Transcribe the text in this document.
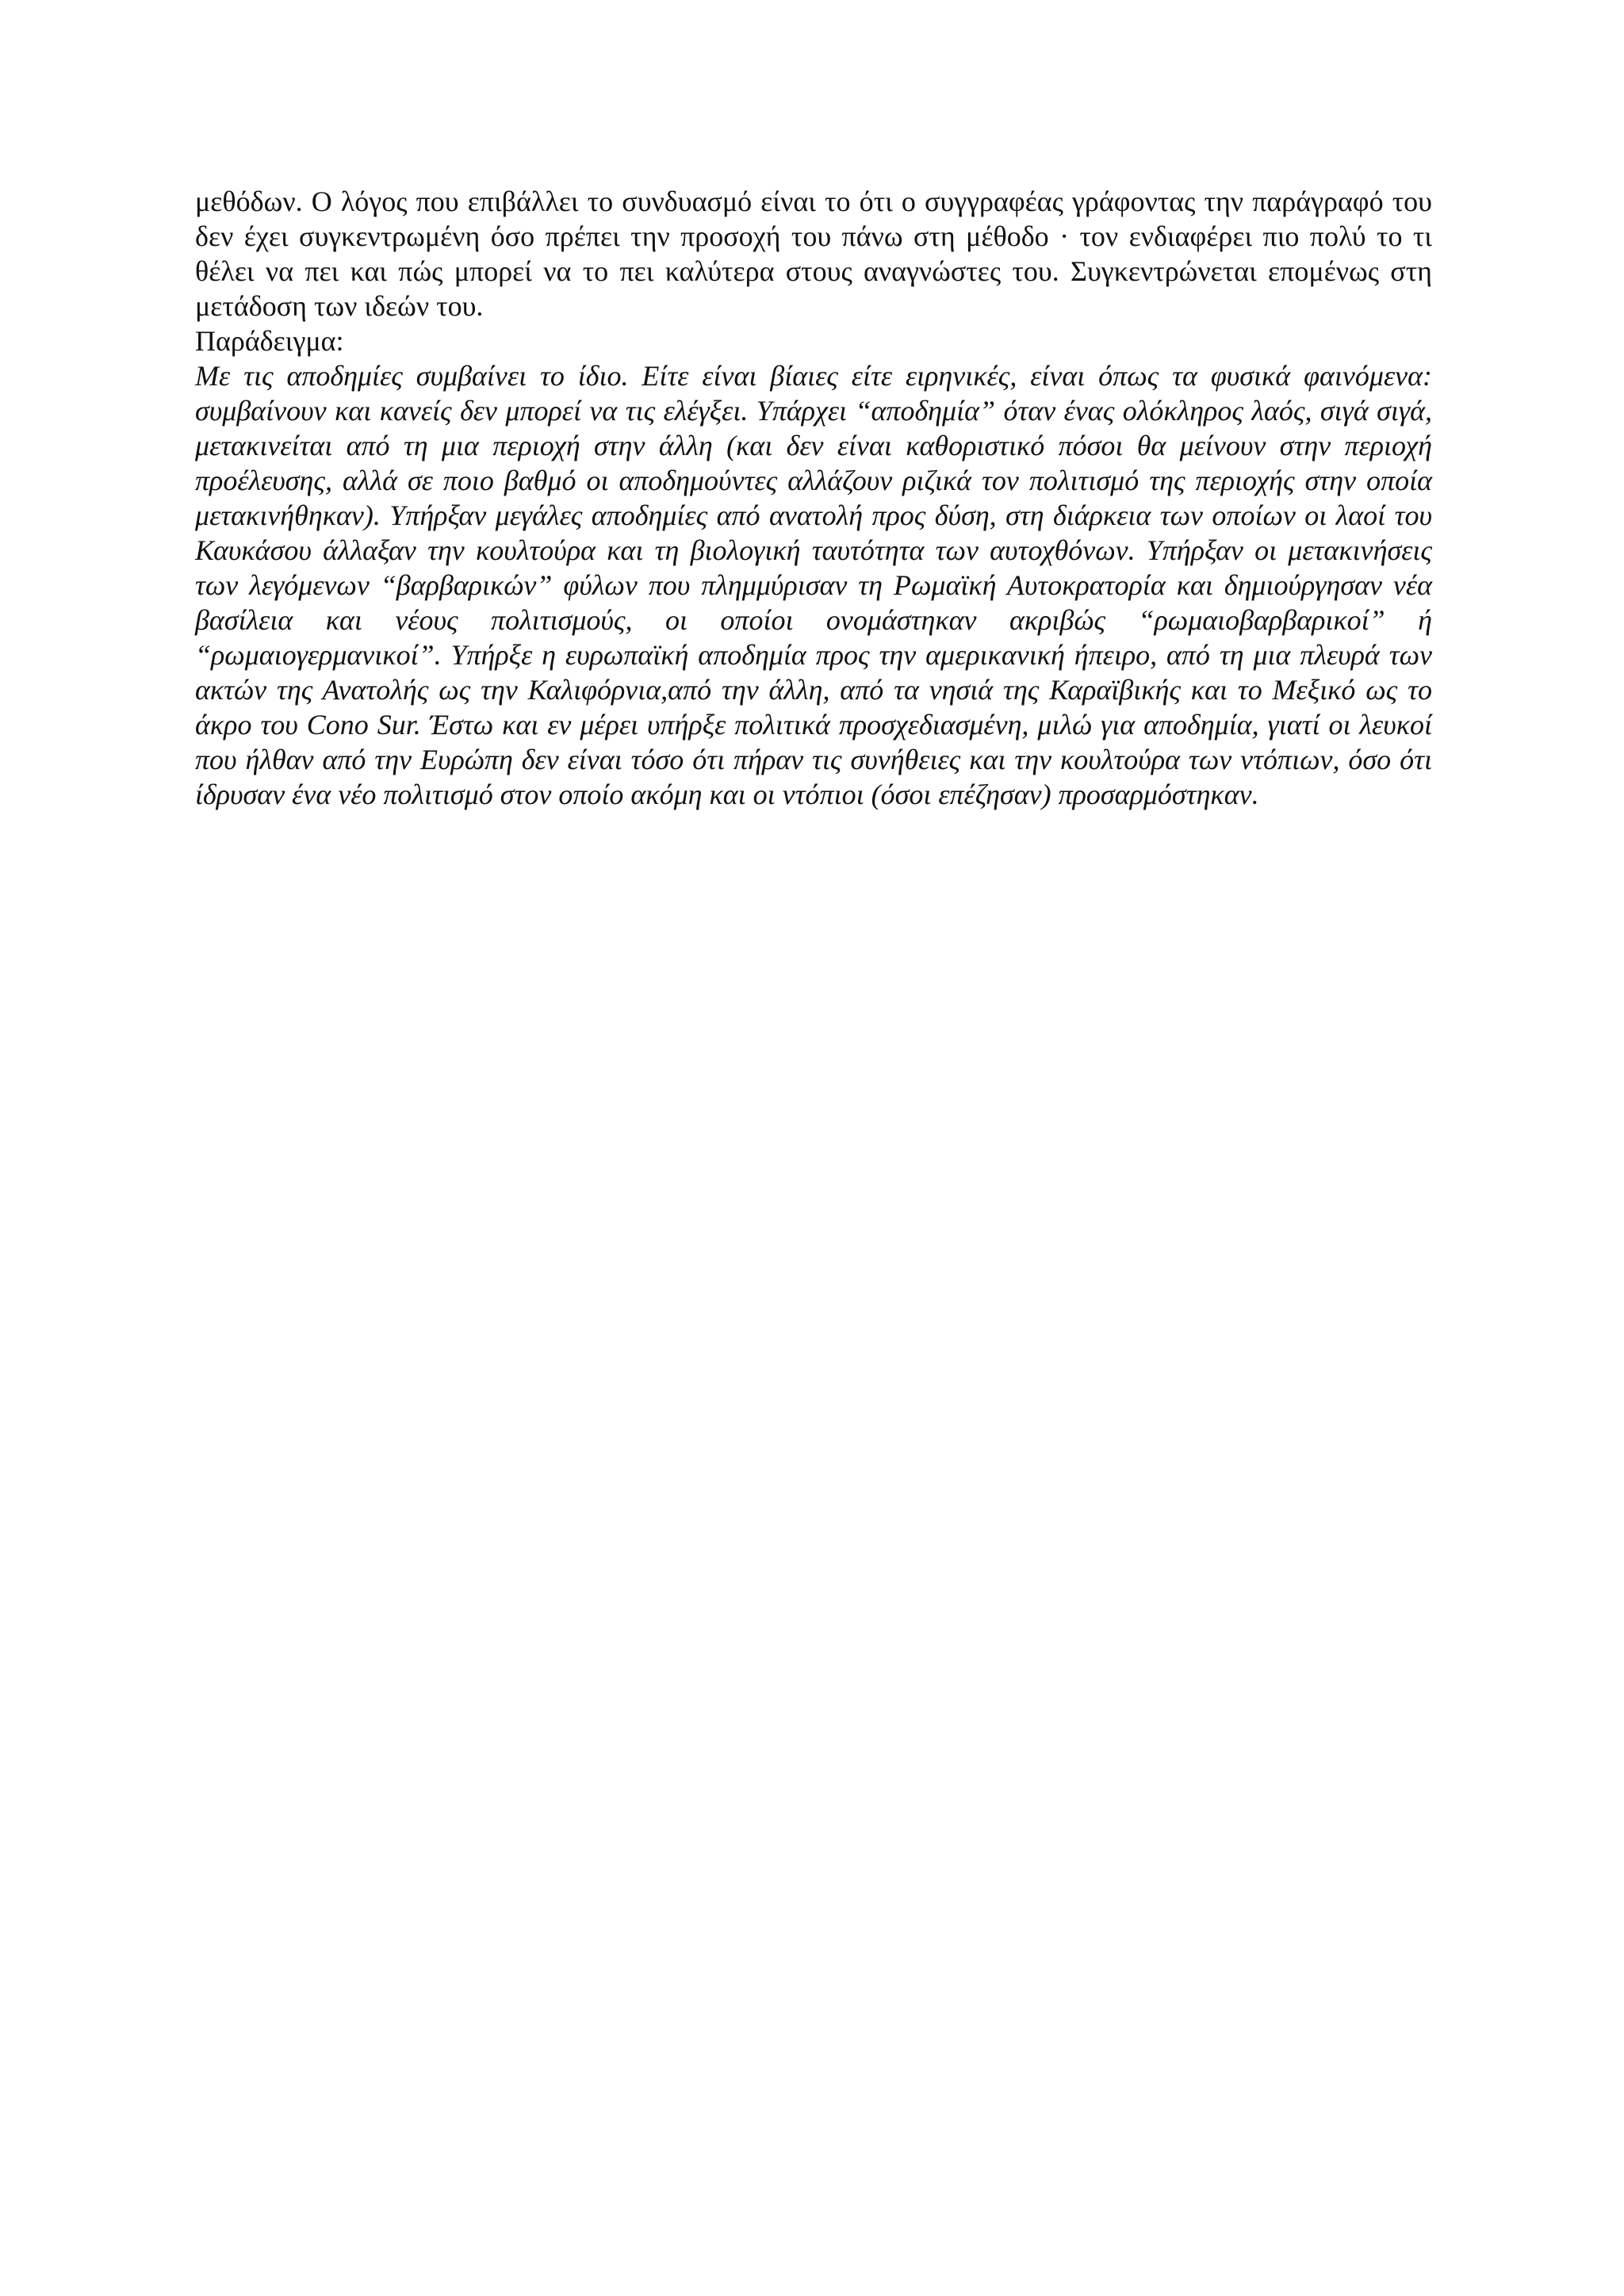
μεθόδων. Ο λόγος που επιβάλλει το συνδυασμό είναι το ότι ο συγγραφέας γράφοντας την παράγραφό του δεν έχει συγκεντρωμένη όσο πρέπει την προσοχή του πάνω στη μέθοδο · τον ενδιαφέρει πιο πολύ το τι θέλει να πει και πώς μπορεί να το πει καλύτερα στους αναγνώστες του. Συγκεντρώνεται επομένως στη μετάδοση των ιδεών του.

Παράδειγμα:

Με τις αποδημίες συμβαίνει το ίδιο. Είτε είναι βίαιες είτε ειρηνικές, είναι όπως τα φυσικά φαινόμενα: συμβαίνουν και κανείς δεν μπορεί να τις ελέγξει. Υπάρχει “αποδημία” όταν ένας ολόκληρος λαός, σιγά σιγά, μετακινείται από τη μια περιοχή στην άλλη (και δεν είναι καθοριστικό πόσοι θα μείνουν στην περιοχή προέλευσης, αλλά σε ποιο βαθμό οι αποδημούντες αλλάζουν ριζικά τον πολιτισμό της περιοχής στην οποία μετακινήθηκαν). Υπήρξαν μεγάλες αποδημίες από ανατολή προς δύση, στη διάρκεια των οποίων οι λαοί του Καυκάσου άλλαξαν την κουλτούρα και τη βιολογική ταυτότητα των αυτοχθόνων. Υπήρξαν οι μετακινήσεις των λεγόμενων “βαρβαρικών” φύλων που πλημμύρισαν τη Ρωμαϊκή Αυτοκρατορία και δημιούργησαν νέα βασίλεια και νέους πολιτισμούς, οι οποίοι ονομάστηκαν ακριβώς “ρωμαιοβαρβαρικοί” ή “ρωμαιογερμανικοί”. Υπήρξε η ευρωπαϊκή αποδημία προς την αμερικανική ήπειρο, από τη μια πλευρά των ακτών της Ανατολής ως την Καλιφόρνια,από την άλλη, από τα νησιά της Καραϊβικής και το Μεξικό ως το άκρο του Cono Sur. Έστω και εν μέρει υπήρξε πολιτικά προσχεδιασμένη, μιλώ για αποδημία, γιατί οι λευκοί που ήλθαν από την Ευρώπη δεν είναι τόσο ότι πήραν τις συνήθειες και την κουλτούρα των ντόπιων, όσο ότι ίδρυσαν ένα νέο πολιτισμό στον οποίο ακόμη και οι ντόπιοι (όσοι επέζησαν) προσαρμόστηκαν.
